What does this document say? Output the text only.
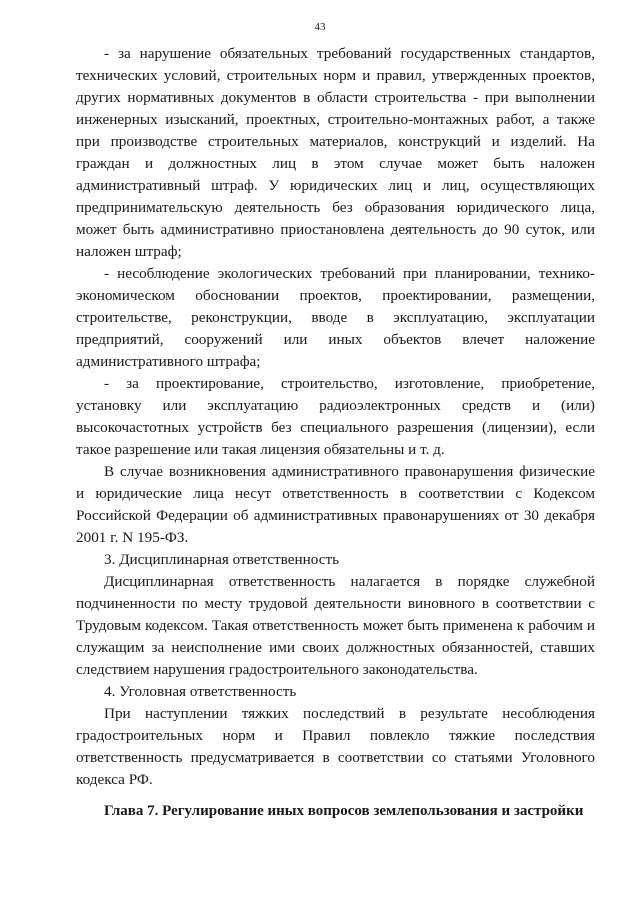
43

- за нарушение обязательных требований государственных стандартов, технических условий, строительных норм и правил, утвержденных проектов, других нормативных документов в области строительства - при выполнении инженерных изысканий, проектных, строительно-монтажных работ, а также при производстве строительных материалов, конструкций и изделий. На граждан и должностных лиц в этом случае может быть наложен административный штраф. У юридических лиц и лиц, осуществляющих предпринимательскую деятельность без образования юридического лица, может быть административно приостановлена деятельность до 90 суток, или наложен штраф;

- несоблюдение экологических требований при планировании, технико-экономическом обосновании проектов, проектировании, размещении, строительстве, реконструкции, вводе в эксплуатацию, эксплуатации предприятий, сооружений или иных объектов влечет наложение административного штрафа;

- за проектирование, строительство, изготовление, приобретение, установку или эксплуатацию радиоэлектронных средств и (или) высокочастотных устройств без специального разрешения (лицензии), если такое разрешение или такая лицензия обязательны и т. д.

В случае возникновения административного правонарушения физические и юридические лица несут ответственность в соответствии с Кодексом Российской Федерации об административных правонарушениях от 30 декабря 2001 г. N 195-ФЗ.

3. Дисциплинарная ответственность

Дисциплинарная ответственность налагается в порядке служебной подчиненности по месту трудовой деятельности виновного в соответствии с Трудовым кодексом. Такая ответственность может быть применена к рабочим и служащим за неисполнение ими своих должностных обязанностей, ставших следствием нарушения градостроительного законодательства.

4. Уголовная ответственность

При наступлении тяжких последствий в результате несоблюдения градостроительных норм и Правил повлекло тяжкие последствия ответственность предусматривается в соответствии со статьями Уголовного кодекса РФ.

Глава 7. Регулирование иных вопросов землепользования и застройки
